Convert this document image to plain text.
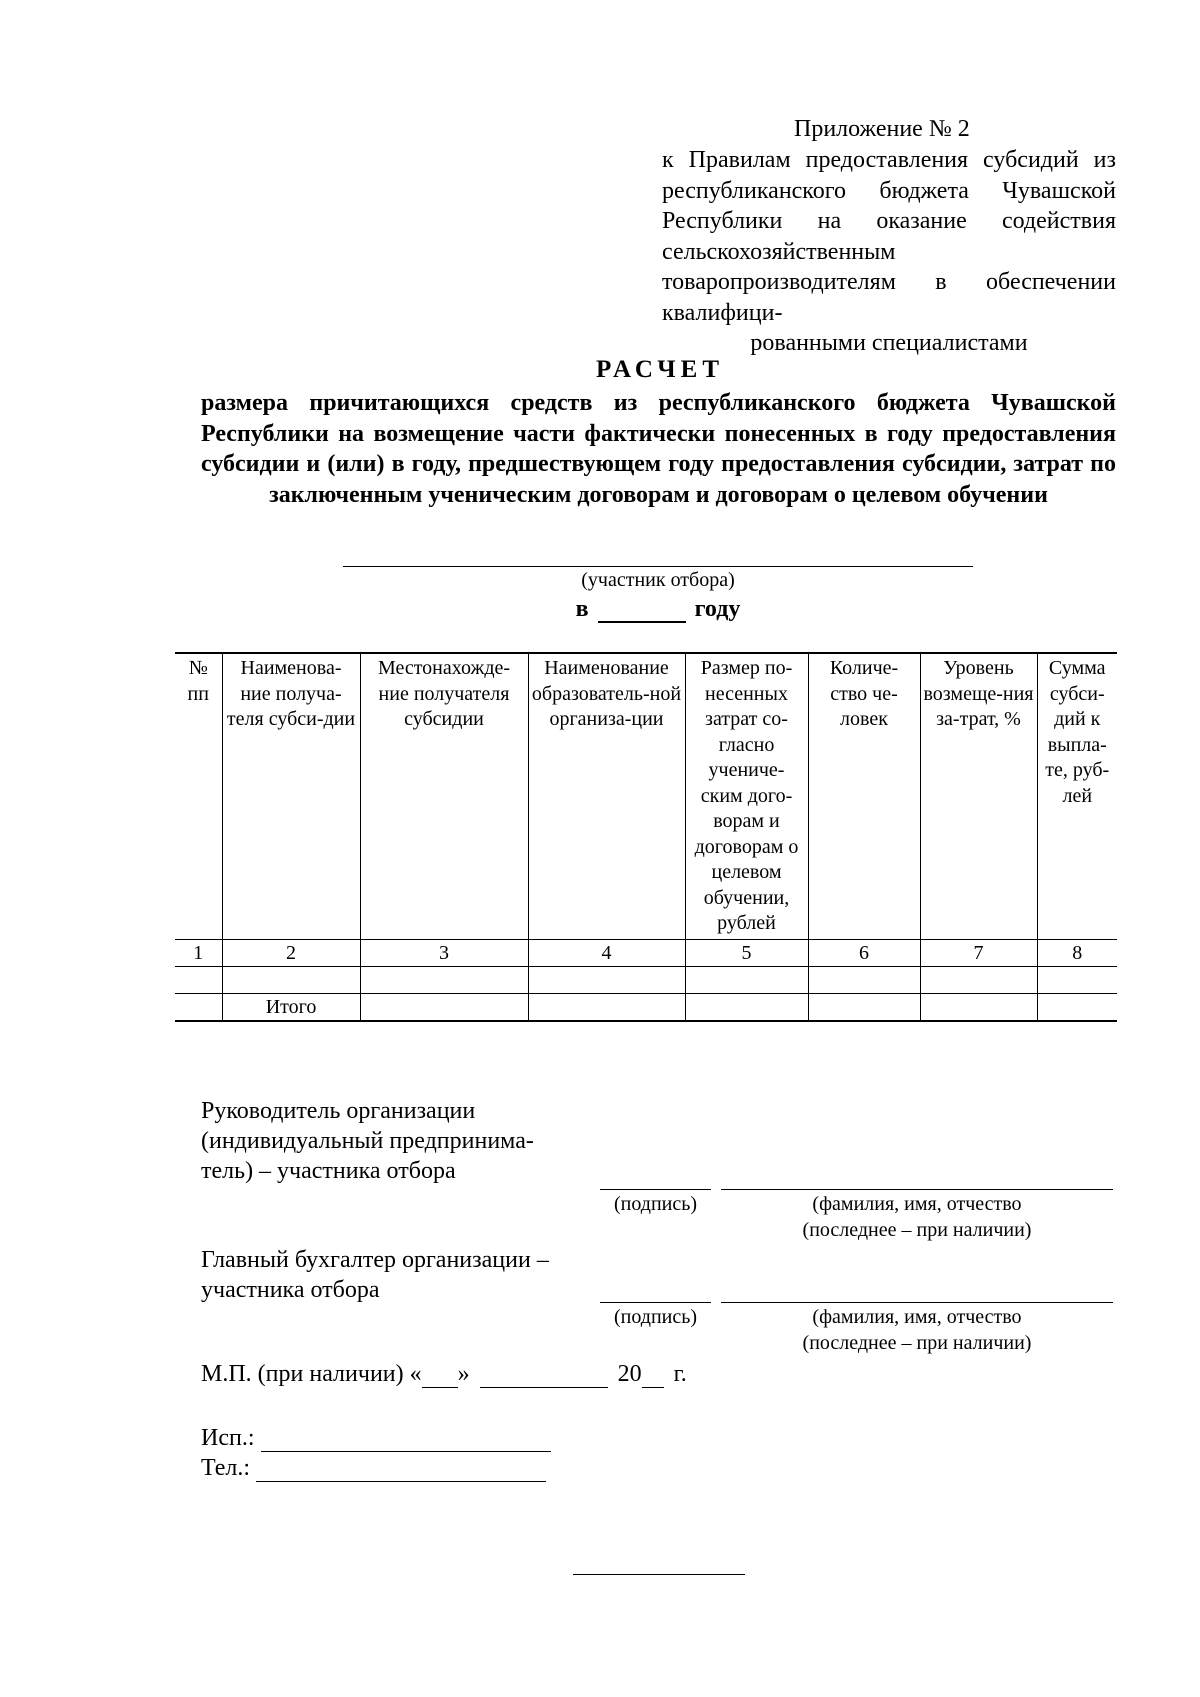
Приложение № 2
к Правилам предоставления субсидий из республиканского бюджета Чувашской Республики на оказание содействия сельскохозяйственным товаропроизводителям в обеспечении квалифици-
рованными специалистами
РАСЧЕТ
размера причитающихся средств из республиканского бюджета Чувашской Республики на возмещение части фактически понесенных в году предоставления субсидии и (или) в году, предшествующем году предоставления субсидии, затрат по заключенным ученическим договорам и договорам о целевом обучении
(участник отбора)
в	году
№ пп	Наименова-ние получа-теля субси-дии	Местонахожде-ние получателя субсидии	Наименование образователь-ной организа-ции	Размер по-несенных затрат со-гласно учениче-ским дого-ворам и договорам о целевом обучении, рублей	Количе-ство че-ловек	Уровень возмеще-ния за-трат, %	Сумма субси-дий к выпла-те, руб-лей
1	2	3	4	5	6	7	8

	Итого						
Руководитель организации
(индивидуальный предпринима-
тель) – участника отбора
(подпись)	(фамилия, имя, отчество
(последнее – при наличии)
Главный бухгалтер организации –
участника отбора
(подпись)	(фамилия, имя, отчество
(последнее – при наличии)
М.П. (при наличии) « »	20 г.
Исп.:
Тел.:
